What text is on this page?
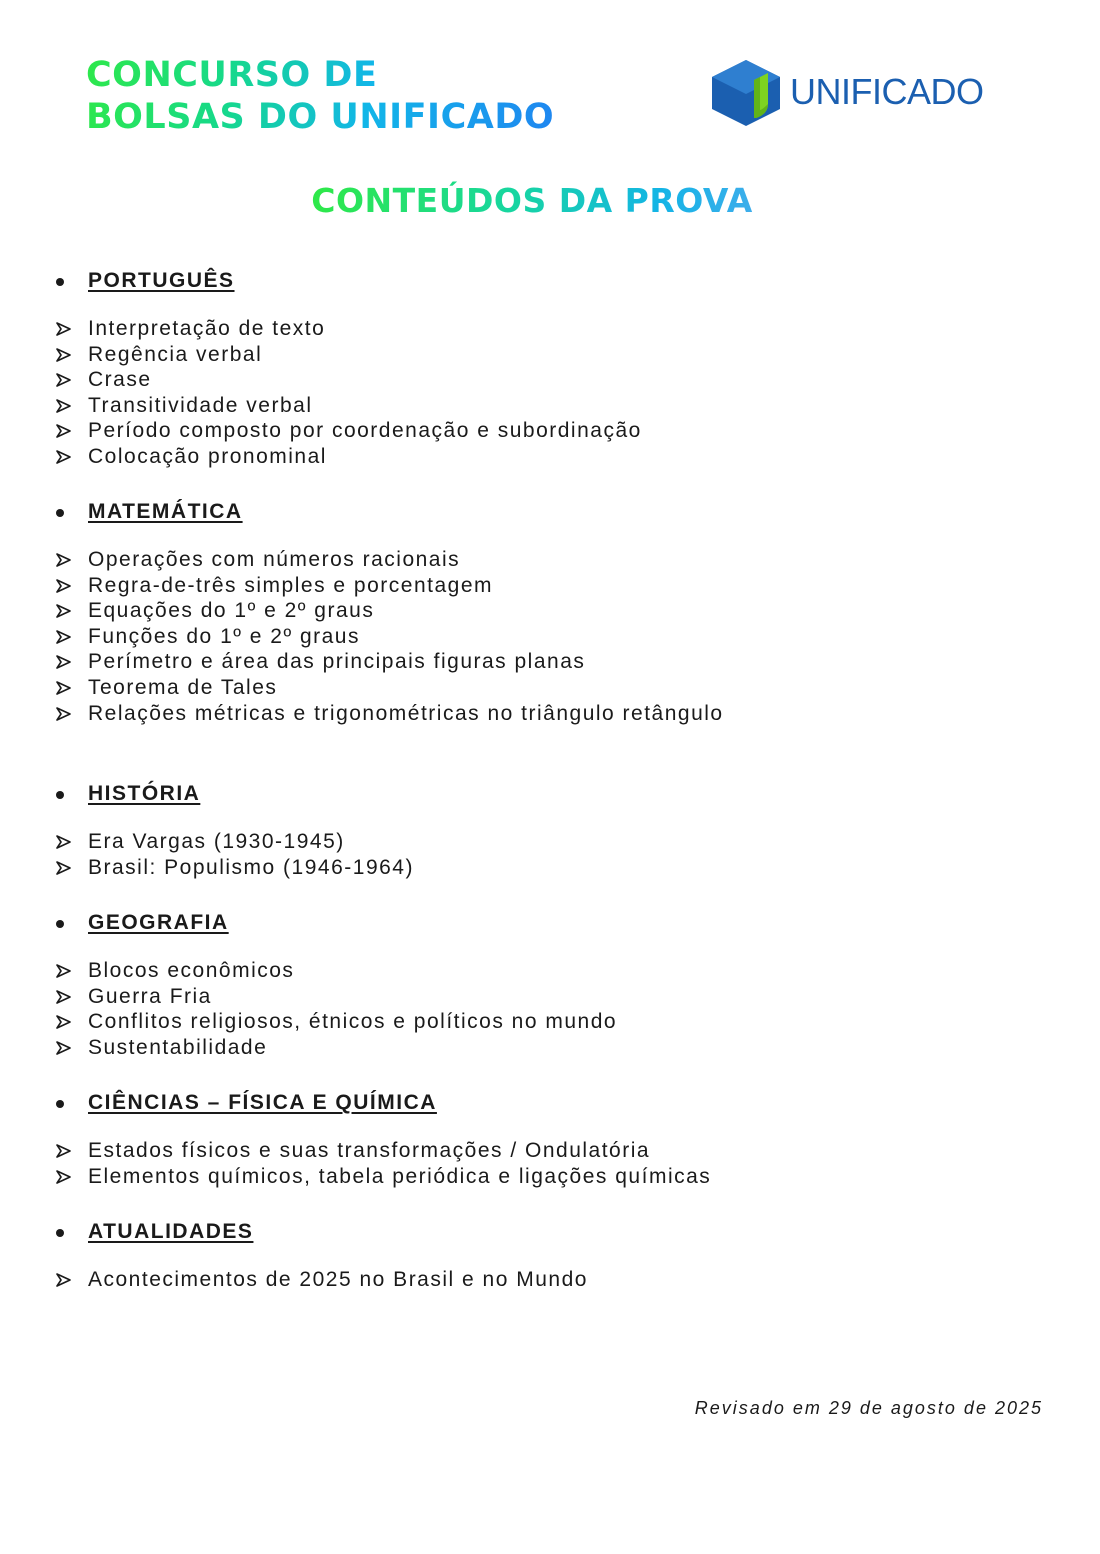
CONCURSO DE
BOLSAS DO UNIFICADO
UNIFICADO
CONTEÚDOS DA PROVA
PORTUGUÊS
Interpretação de texto
Regência verbal
Crase
Transitividade verbal
Período composto por coordenação e subordinação
Colocação pronominal
MATEMÁTICA
Operações com números racionais
Regra-de-três simples e porcentagem
Equações do 1º e 2º graus
Funções do 1º e 2º graus
Perímetro e área das principais figuras planas
Teorema de Tales
Relações métricas e trigonométricas no triângulo retângulo
HISTÓRIA
Era Vargas (1930-1945)
Brasil: Populismo (1946-1964)
GEOGRAFIA
Blocos econômicos
Guerra Fria
Conflitos religiosos, étnicos e políticos no mundo
Sustentabilidade
CIÊNCIAS – FÍSICA E QUÍMICA
Estados físicos e suas transformações / Ondulatória
Elementos químicos, tabela periódica e ligações químicas
ATUALIDADES
Acontecimentos de 2025 no Brasil e no Mundo
Revisado em 29 de agosto de 2025
